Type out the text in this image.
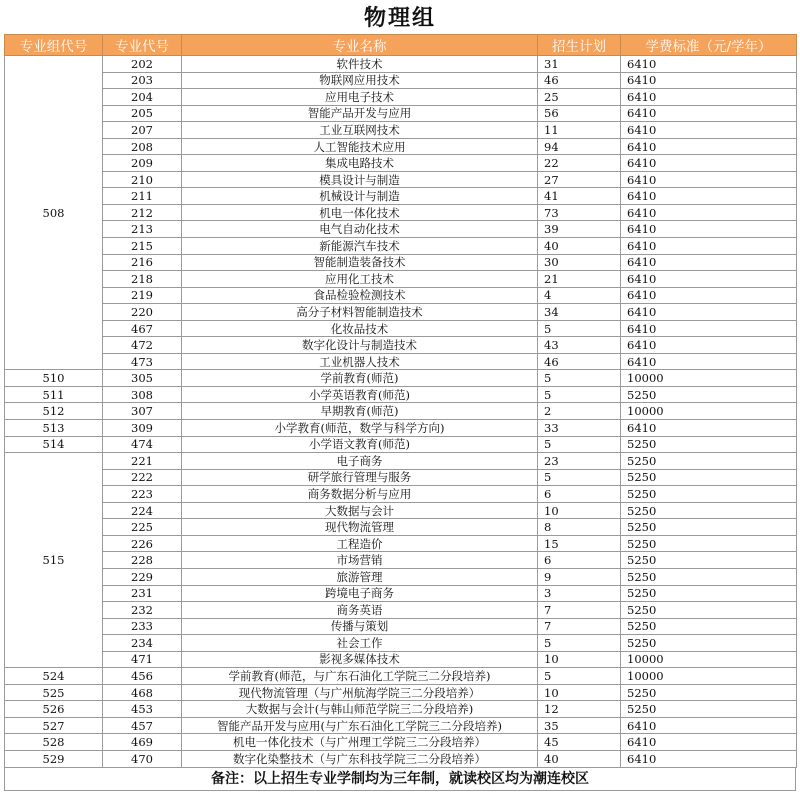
物理组
专业组代号	专业代号	专业名称	招生计划	学费标准（元/学年）
508	202	软件技术	31	6410
	203	物联网应用技术	46	6410
	204	应用电子技术	25	6410
	205	智能产品开发与应用	56	6410
	207	工业互联网技术	11	6410
	208	人工智能技术应用	94	6410
	209	集成电路技术	22	6410
	210	模具设计与制造	27	6410
	211	机械设计与制造	41	6410
	212	机电一体化技术	73	6410
	213	电气自动化技术	39	6410
	215	新能源汽车技术	40	6410
	216	智能制造装备技术	30	6410
	218	应用化工技术	21	6410
	219	食品检验检测技术	4	6410
	220	高分子材料智能制造技术	34	6410
	467	化妆品技术	5	6410
	472	数字化设计与制造技术	43	6410
	473	工业机器人技术	46	6410
510	305	学前教育(师范)	5	10000
511	308	小学英语教育(师范)	5	5250
512	307	早期教育(师范)	2	10000
513	309	小学教育(师范，数学与科学方向)	33	6410
514	474	小学语文教育(师范)	5	5250
515	221	电子商务	23	5250
	222	研学旅行管理与服务	5	5250
	223	商务数据分析与应用	6	5250
	224	大数据与会计	10	5250
	225	现代物流管理	8	5250
	226	工程造价	15	5250
	228	市场营销	6	5250
	229	旅游管理	9	5250
	231	跨境电子商务	3	5250
	232	商务英语	7	5250
	233	传播与策划	7	5250
	234	社会工作	5	5250
	471	影视多媒体技术	10	10000
524	456	学前教育(师范，与广东石油化工学院三二分段培养)	5	10000
525	468	现代物流管理（与广州航海学院三二分段培养）	10	5250
526	453	大数据与会计(与韩山师范学院三二分段培养)	12	5250
527	457	智能产品开发与应用(与广东石油化工学院三二分段培养)	35	6410
528	469	机电一体化技术（与广州理工学院三二分段培养）	45	6410
529	470	数字化染整技术（与广东科技学院三二分段培养）	40	6410
备注：以上招生专业学制均为三年制，就读校区均为潮连校区
